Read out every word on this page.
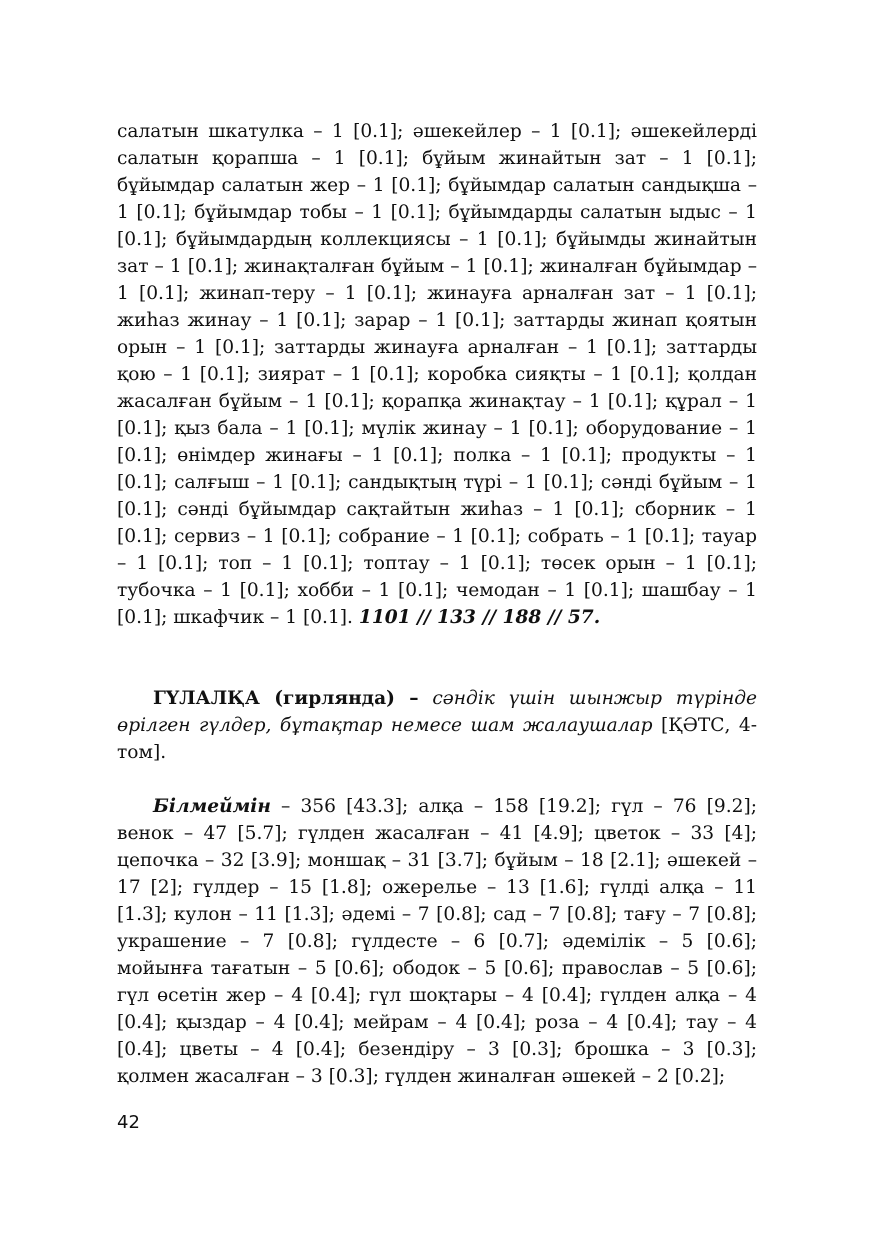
салатын шкатулка – 1 [0.1]; әшекейлер – 1 [0.1]; әшекейлерді салатын қорапша – 1 [0.1]; бұйым жинайтын зат – 1 [0.1]; бұйымдар салатын жер – 1 [0.1]; бұйымдар салатын сандықша – 1 [0.1]; бұйымдар тобы – 1 [0.1]; бұйымдарды салатын ыдыс – 1 [0.1]; бұйымдардың коллекциясы – 1 [0.1]; бұйымды жинайтын зат – 1 [0.1]; жинақталған бұйым – 1 [0.1]; жиналған бұйымдар – 1 [0.1]; жинап-теру – 1 [0.1]; жинауға арналған зат – 1 [0.1]; жиһаз жинау – 1 [0.1]; зарар – 1 [0.1]; заттарды жинап қоятын орын – 1 [0.1]; заттарды жинауға арналған – 1 [0.1]; заттарды қою – 1 [0.1]; зиярат – 1 [0.1]; коробка сияқты – 1 [0.1]; қолдан жасалған бұйым – 1 [0.1]; қорапқа жинақтау – 1 [0.1]; құрал – 1 [0.1]; қыз бала – 1 [0.1]; мүлік жинау – 1 [0.1]; оборудование – 1 [0.1]; өнімдер жинағы – 1 [0.1]; полка – 1 [0.1]; продукты – 1 [0.1]; салғыш – 1 [0.1]; сандықтың түрі – 1 [0.1]; сәнді бұйым – 1 [0.1]; сәнді бұйымдар сақтайтын жиһаз – 1 [0.1]; сборник – 1 [0.1]; сервиз – 1 [0.1]; собрание – 1 [0.1]; собрать – 1 [0.1]; тауар – 1 [0.1]; топ – 1 [0.1]; топтау – 1 [0.1]; төсек орын – 1 [0.1]; тубочка – 1 [0.1]; хобби – 1 [0.1]; чемодан – 1 [0.1]; шашбау – 1 [0.1]; шкафчик – 1 [0.1]. 1101 // 133 // 188 // 57.

ГҮЛАЛҚА (гирлянда) – сәндік үшін шынжыр түрінде өрілген гүлдер, бұтақтар немесе шам жалаушалар [ҚӘТС, 4-том].

Білмеймін – 356 [43.3]; алқа – 158 [19.2]; гүл – 76 [9.2]; венок – 47 [5.7]; гүлден жасалған – 41 [4.9]; цветок – 33 [4]; цепочка – 32 [3.9]; моншақ – 31 [3.7]; бұйым – 18 [2.1]; әшекей – 17 [2]; гүлдер – 15 [1.8]; ожерелье – 13 [1.6]; гүлді алқа – 11 [1.3]; кулон – 11 [1.3]; әдемі – 7 [0.8]; сад – 7 [0.8]; тағу – 7 [0.8]; украшение – 7 [0.8]; гүлдесте – 6 [0.7]; әдемілік – 5 [0.6]; мойынға тағатын – 5 [0.6]; ободок – 5 [0.6]; православ – 5 [0.6]; гүл өсетін жер – 4 [0.4]; гүл шоқтары – 4 [0.4]; гүлден алқа – 4 [0.4]; қыздар – 4 [0.4]; мейрам – 4 [0.4]; роза – 4 [0.4]; тау – 4 [0.4]; цветы – 4 [0.4]; безендіру – 3 [0.3]; брошка – 3 [0.3]; қолмен жасалған – 3 [0.3]; гүлден жиналған әшекей – 2 [0.2];

42
